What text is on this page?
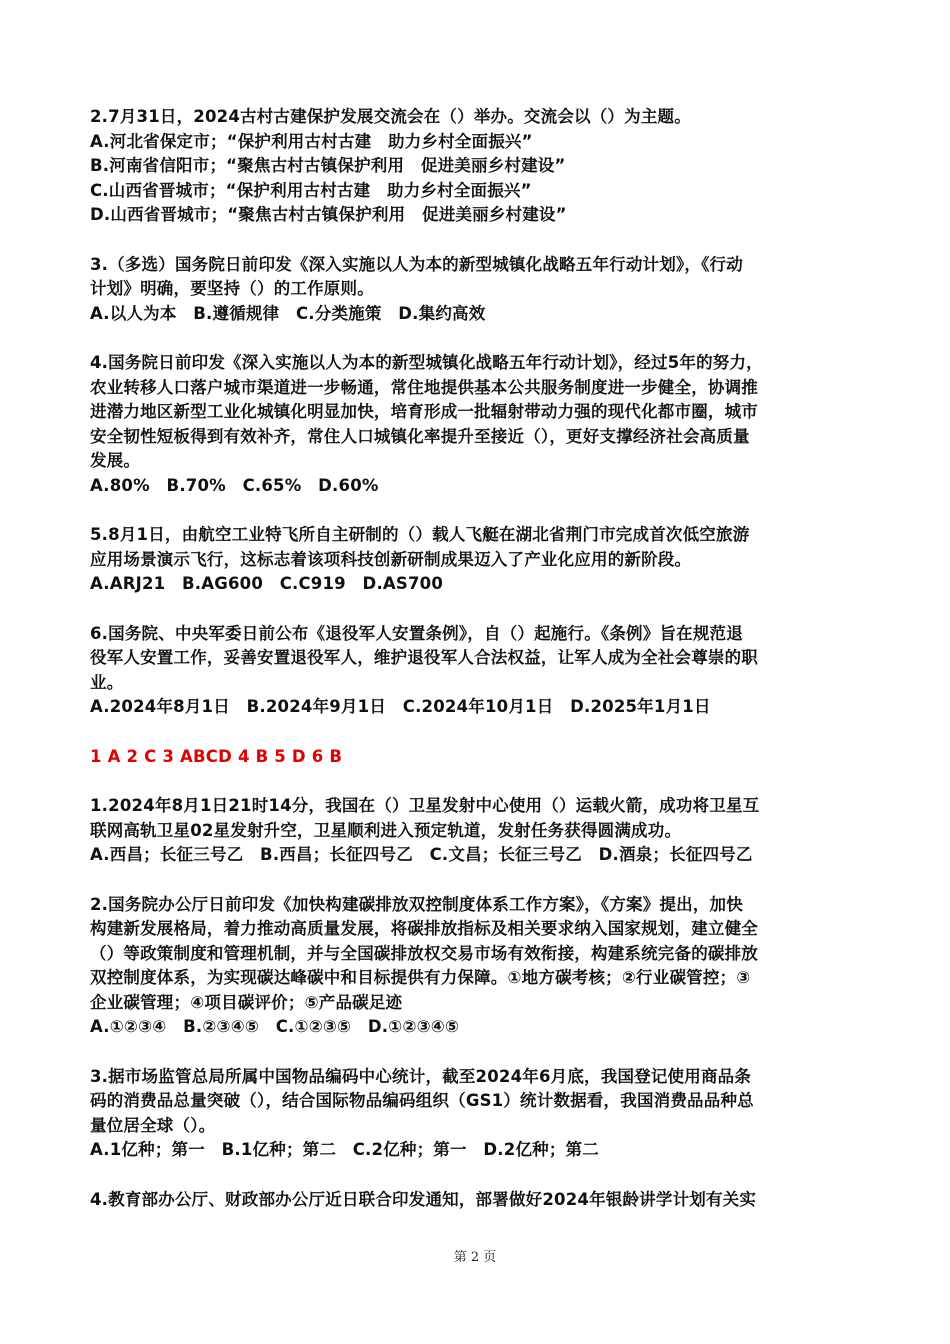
2.7月31日，2024古村古建保护发展交流会在（）举办。交流会以（）为主题。
A.河北省保定市；“保护利用古村古建　助力乡村全面振兴”
B.河南省信阳市；“聚焦古村古镇保护利用　促进美丽乡村建设”
C.山西省晋城市；“保护利用古村古建　助力乡村全面振兴”
D.山西省晋城市；“聚焦古村古镇保护利用　促进美丽乡村建设”
3.（多选）国务院日前印发《深入实施以人为本的新型城镇化战略五年行动计划》，《行动
计划》明确，要坚持（）的工作原则。
A.以人为本　B.遵循规律　C.分类施策　D.集约高效
4.国务院日前印发《深入实施以人为本的新型城镇化战略五年行动计划》，经过5年的努力，
农业转移人口落户城市渠道进一步畅通，常住地提供基本公共服务制度进一步健全，协调推
进潜力地区新型工业化城镇化明显加快，培育形成一批辐射带动力强的现代化都市圈，城市
安全韧性短板得到有效补齐，常住人口城镇化率提升至接近（），更好支撑经济社会高质量
发展。
A.80%　B.70%　C.65%　D.60%
5.8月1日，由航空工业特飞所自主研制的（）载人飞艇在湖北省荆门市完成首次低空旅游
应用场景演示飞行，这标志着该项科技创新研制成果迈入了产业化应用的新阶段。
A.ARJ21　B.AG600　C.C919　D.AS700
6.国务院、中央军委日前公布《退役军人安置条例》，自（）起施行。《条例》旨在规范退
役军人安置工作，妥善安置退役军人，维护退役军人合法权益，让军人成为全社会尊崇的职
业。
A.2024年8月1日　B.2024年9月1日　C.2024年10月1日　D.2025年1月1日
1 A 2 C 3 ABCD 4 B 5 D 6 B
1.2024年8月1日21时14分，我国在（）卫星发射中心使用（）运载火箭，成功将卫星互
联网高轨卫星02星发射升空，卫星顺利进入预定轨道，发射任务获得圆满成功。
A.西昌；长征三号乙　B.西昌；长征四号乙　C.文昌；长征三号乙　D.酒泉；长征四号乙
2.国务院办公厅日前印发《加快构建碳排放双控制度体系工作方案》，《方案》提出，加快
构建新发展格局，着力推动高质量发展，将碳排放指标及相关要求纳入国家规划，建立健全
（）等政策制度和管理机制，并与全国碳排放权交易市场有效衔接，构建系统完备的碳排放
双控制度体系，为实现碳达峰碳中和目标提供有力保障。①地方碳考核；②行业碳管控；③
企业碳管理；④项目碳评价；⑤产品碳足迹
A.①②③④　B.②③④⑤　C.①②③⑤　D.①②③④⑤
3.据市场监管总局所属中国物品编码中心统计，截至2024年6月底，我国登记使用商品条
码的消费品总量突破（），结合国际物品编码组织（GS1）统计数据看，我国消费品品种总
量位居全球（）。
A.1亿种；第一　B.1亿种；第二　C.2亿种；第一　D.2亿种；第二
4.教育部办公厅、财政部办公厅近日联合印发通知，部署做好2024年银龄讲学计划有关实
第 2 页
